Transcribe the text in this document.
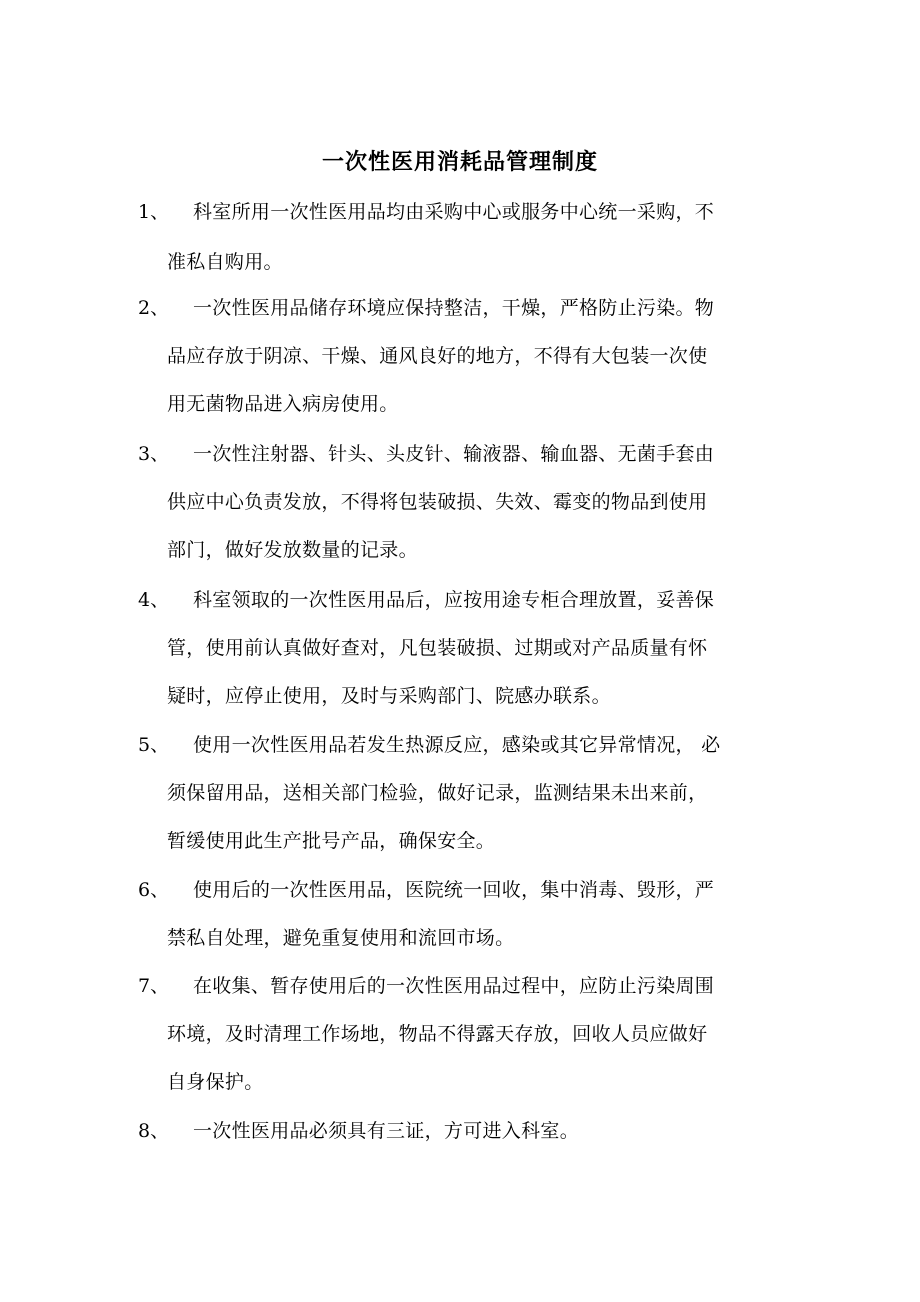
一次性医用消耗品管理制度
1、 科室所用一次性医用品均由采购中心或服务中心统一采购，不
准私自购用。
2、 一次性医用品储存环境应保持整洁，干燥，严格防止污染。物
品应存放于阴凉、干燥、通风良好的地方，不得有大包装一次使
用无菌物品进入病房使用。
3、 一次性注射器、针头、头皮针、输液器、输血器、无菌手套由
供应中心负责发放，不得将包装破损、失效、霉变的物品到使用
部门，做好发放数量的记录。
4、 科室领取的一次性医用品后，应按用途专柜合理放置，妥善保
管，使用前认真做好查对，凡包装破损、过期或对产品质量有怀
疑时，应停止使用，及时与采购部门、院感办联系。
5、 使用一次性医用品若发生热源反应，感染或其它异常情况， 必
须保留用品，送相关部门检验，做好记录，监测结果未出来前，
暂缓使用此生产批号产品，确保安全。
6、 使用后的一次性医用品，医院统一回收，集中消毒、毁形，严
禁私自处理，避免重复使用和流回市场。
7、 在收集、暂存使用后的一次性医用品过程中，应防止污染周围
环境，及时清理工作场地，物品不得露天存放，回收人员应做好
自身保护。
8、 一次性医用品必须具有三证，方可进入科室。
